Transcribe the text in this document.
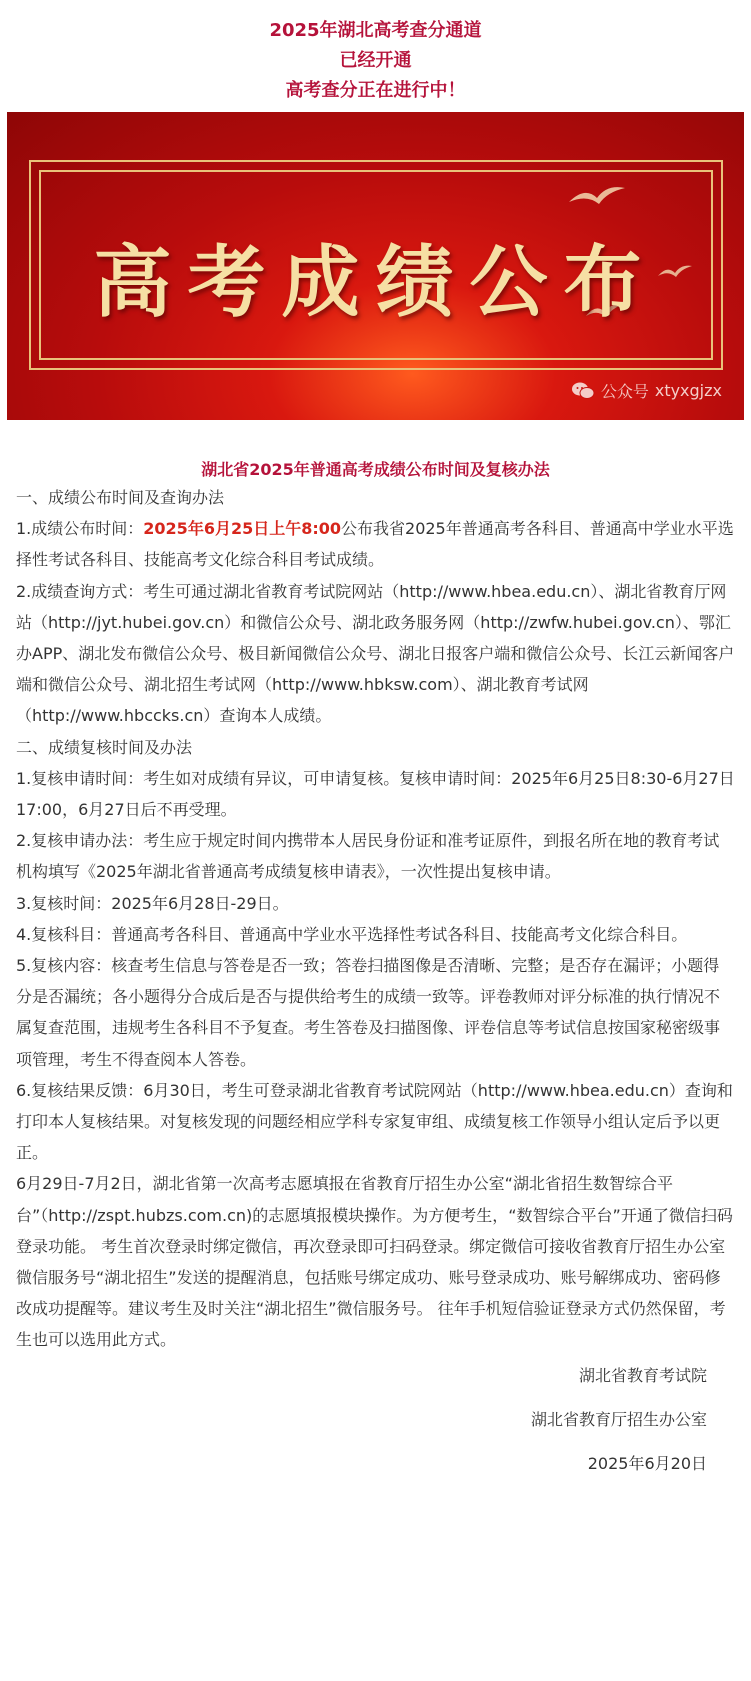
2025年湖北高考查分通道
已经开通
高考查分正在进行中！
高考成绩公布
公众号 xtyxgjzx
湖北省2025年普通高考成绩公布时间及复核办法

一、成绩公布时间及查询办法

1.成绩公布时间：2025年6月25日上午8:00公布我省2025年普通高考各科目、普通高中学业水平选择性考试各科目、技能高考文化综合科目考试成绩。

2.成绩查询方式：考生可通过湖北省教育考试院网站（http://www.hbea.edu.cn）、湖北省教育厅网站（http://jyt.hubei.gov.cn）和微信公众号、湖北政务服务网（http://zwfw.hubei.gov.cn）、鄂汇办APP、湖北发布微信公众号、极目新闻微信公众号、湖北日报客户端和微信公众号、长江云新闻客户端和微信公众号、湖北招生考试网（http://www.hbksw.com）、湖北教育考试网（http://www.hbccks.cn）查询本人成绩。

二、成绩复核时间及办法

1.复核申请时间：考生如对成绩有异议，可申请复核。复核申请时间：2025年6月25日8:30-6月27日17:00，6月27日后不再受理。

2.复核申请办法：考生应于规定时间内携带本人居民身份证和准考证原件，到报名所在地的教育考试机构填写《2025年湖北省普通高考成绩复核申请表》，一次性提出复核申请。

3.复核时间：2025年6月28日-29日。

4.复核科目：普通高考各科目、普通高中学业水平选择性考试各科目、技能高考文化综合科目。

5.复核内容：核查考生信息与答卷是否一致；答卷扫描图像是否清晰、完整；是否存在漏评；小题得分是否漏统；各小题得分合成后是否与提供给考生的成绩一致等。评卷教师对评分标准的执行情况不属复查范围，违规考生各科目不予复查。考生答卷及扫描图像、评卷信息等考试信息按国家秘密级事项管理，考生不得查阅本人答卷。

6.复核结果反馈：6月30日，考生可登录湖北省教育考试院网站（http://www.hbea.edu.cn）查询和打印本人复核结果。对复核发现的问题经相应学科专家复审组、成绩复核工作领导小组认定后予以更正。

6月29日-7月2日，湖北省第一次高考志愿填报在省教育厅招生办公室“湖北省招生数智综合平台”（http://zspt.hubzs.com.cn)的志愿填报模块操作。为方便考生，“数智综合平台”开通了微信扫码登录功能。 考生首次登录时绑定微信，再次登录即可扫码登录。绑定微信可接收省教育厅招生办公室微信服务号“湖北招生”发送的提醒消息，包括账号绑定成功、账号登录成功、账号解绑成功、密码修改成功提醒等。建议考生及时关注“湖北招生”微信服务号。 往年手机短信验证登录方式仍然保留，考生也可以选用此方式。

湖北省教育考试院
湖北省教育厅招生办公室
2025年6月20日
